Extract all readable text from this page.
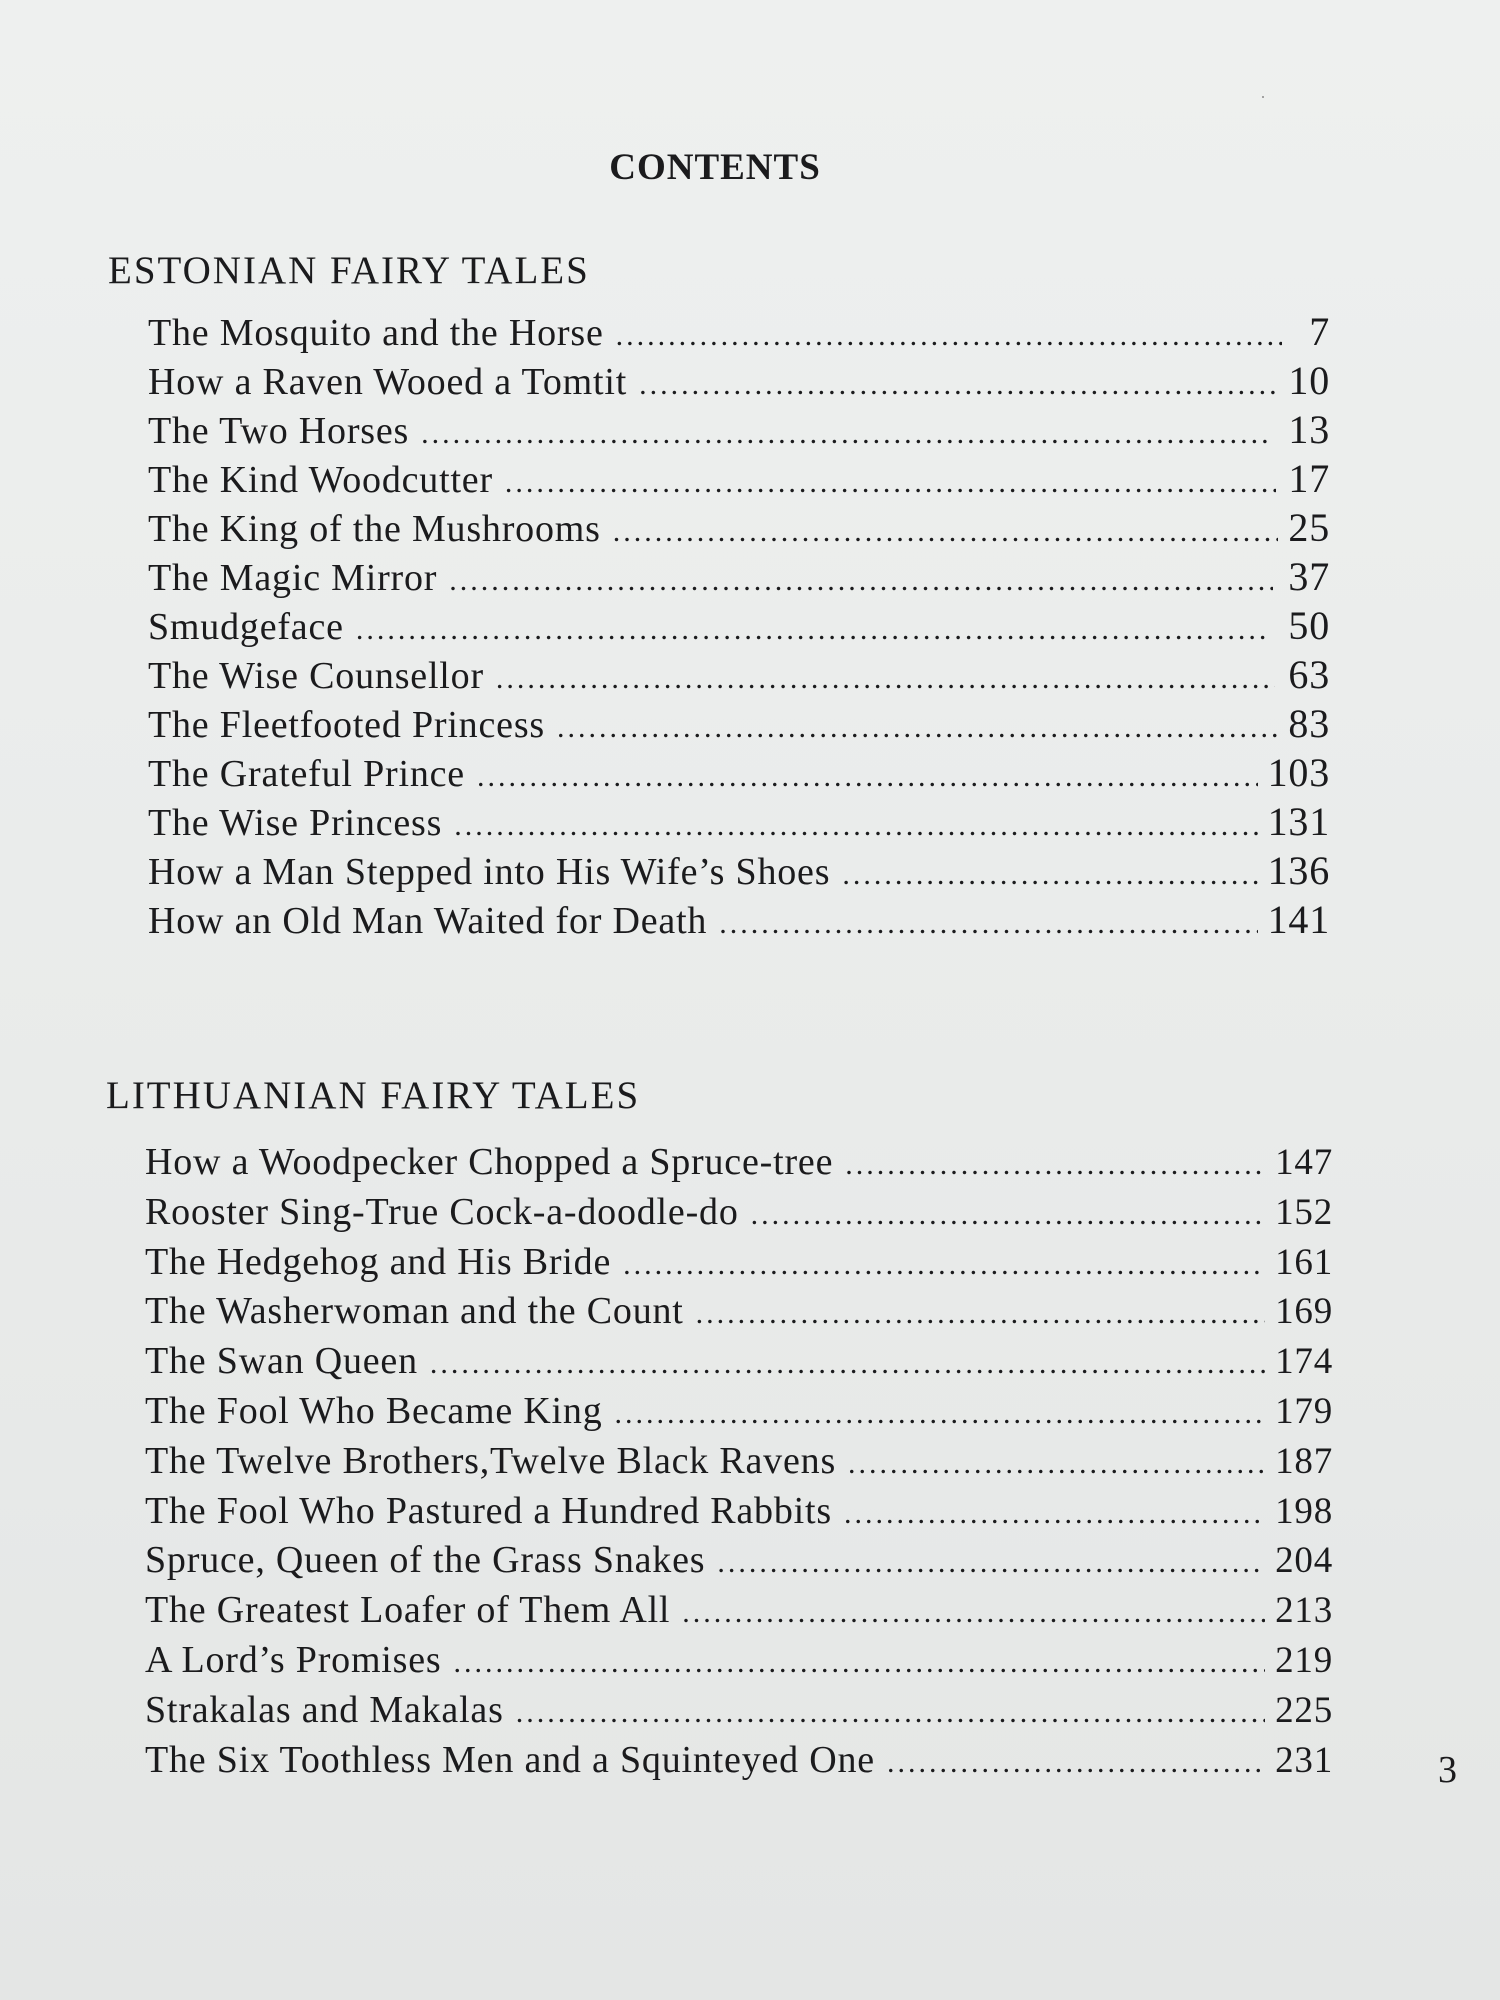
CONTENTS
ESTONIAN FAIRY TALES
The Mosquito and the Horse .....	7
How a Raven Wooed a Tomtit .....	10
The Two Horses .....	13
The Kind Woodcutter .....	17
The King of the Mushrooms .....	25
The Magic Mirror .....	37
Smudgeface .....	50
The Wise Counsellor .....	63
The Fleetfooted Princess .....	83
The Grateful Prince .....	103
The Wise Princess .....	131
How a Man Stepped into His Wife’s Shoes .....	136
How an Old Man Waited for Death .....	141
LITHUANIAN FAIRY TALES
How a Woodpecker Chopped a Spruce-tree .....	147
Rooster Sing-True Cock-a-doodle-do .....	152
The Hedgehog and His Bride .....	161
The Washerwoman and the Count .....	169
The Swan Queen .....	174
The Fool Who Became King .....	179
The Twelve Brothers,Twelve Black Ravens .....	187
The Fool Who Pastured a Hundred Rabbits .....	198
Spruce, Queen of the Grass Snakes .....	204
The Greatest Loafer of Them All .....	213
A Lord’s Promises .....	219
Strakalas and Makalas .....	225
The Six Toothless Men and a Squinteyed One .....	231	3
